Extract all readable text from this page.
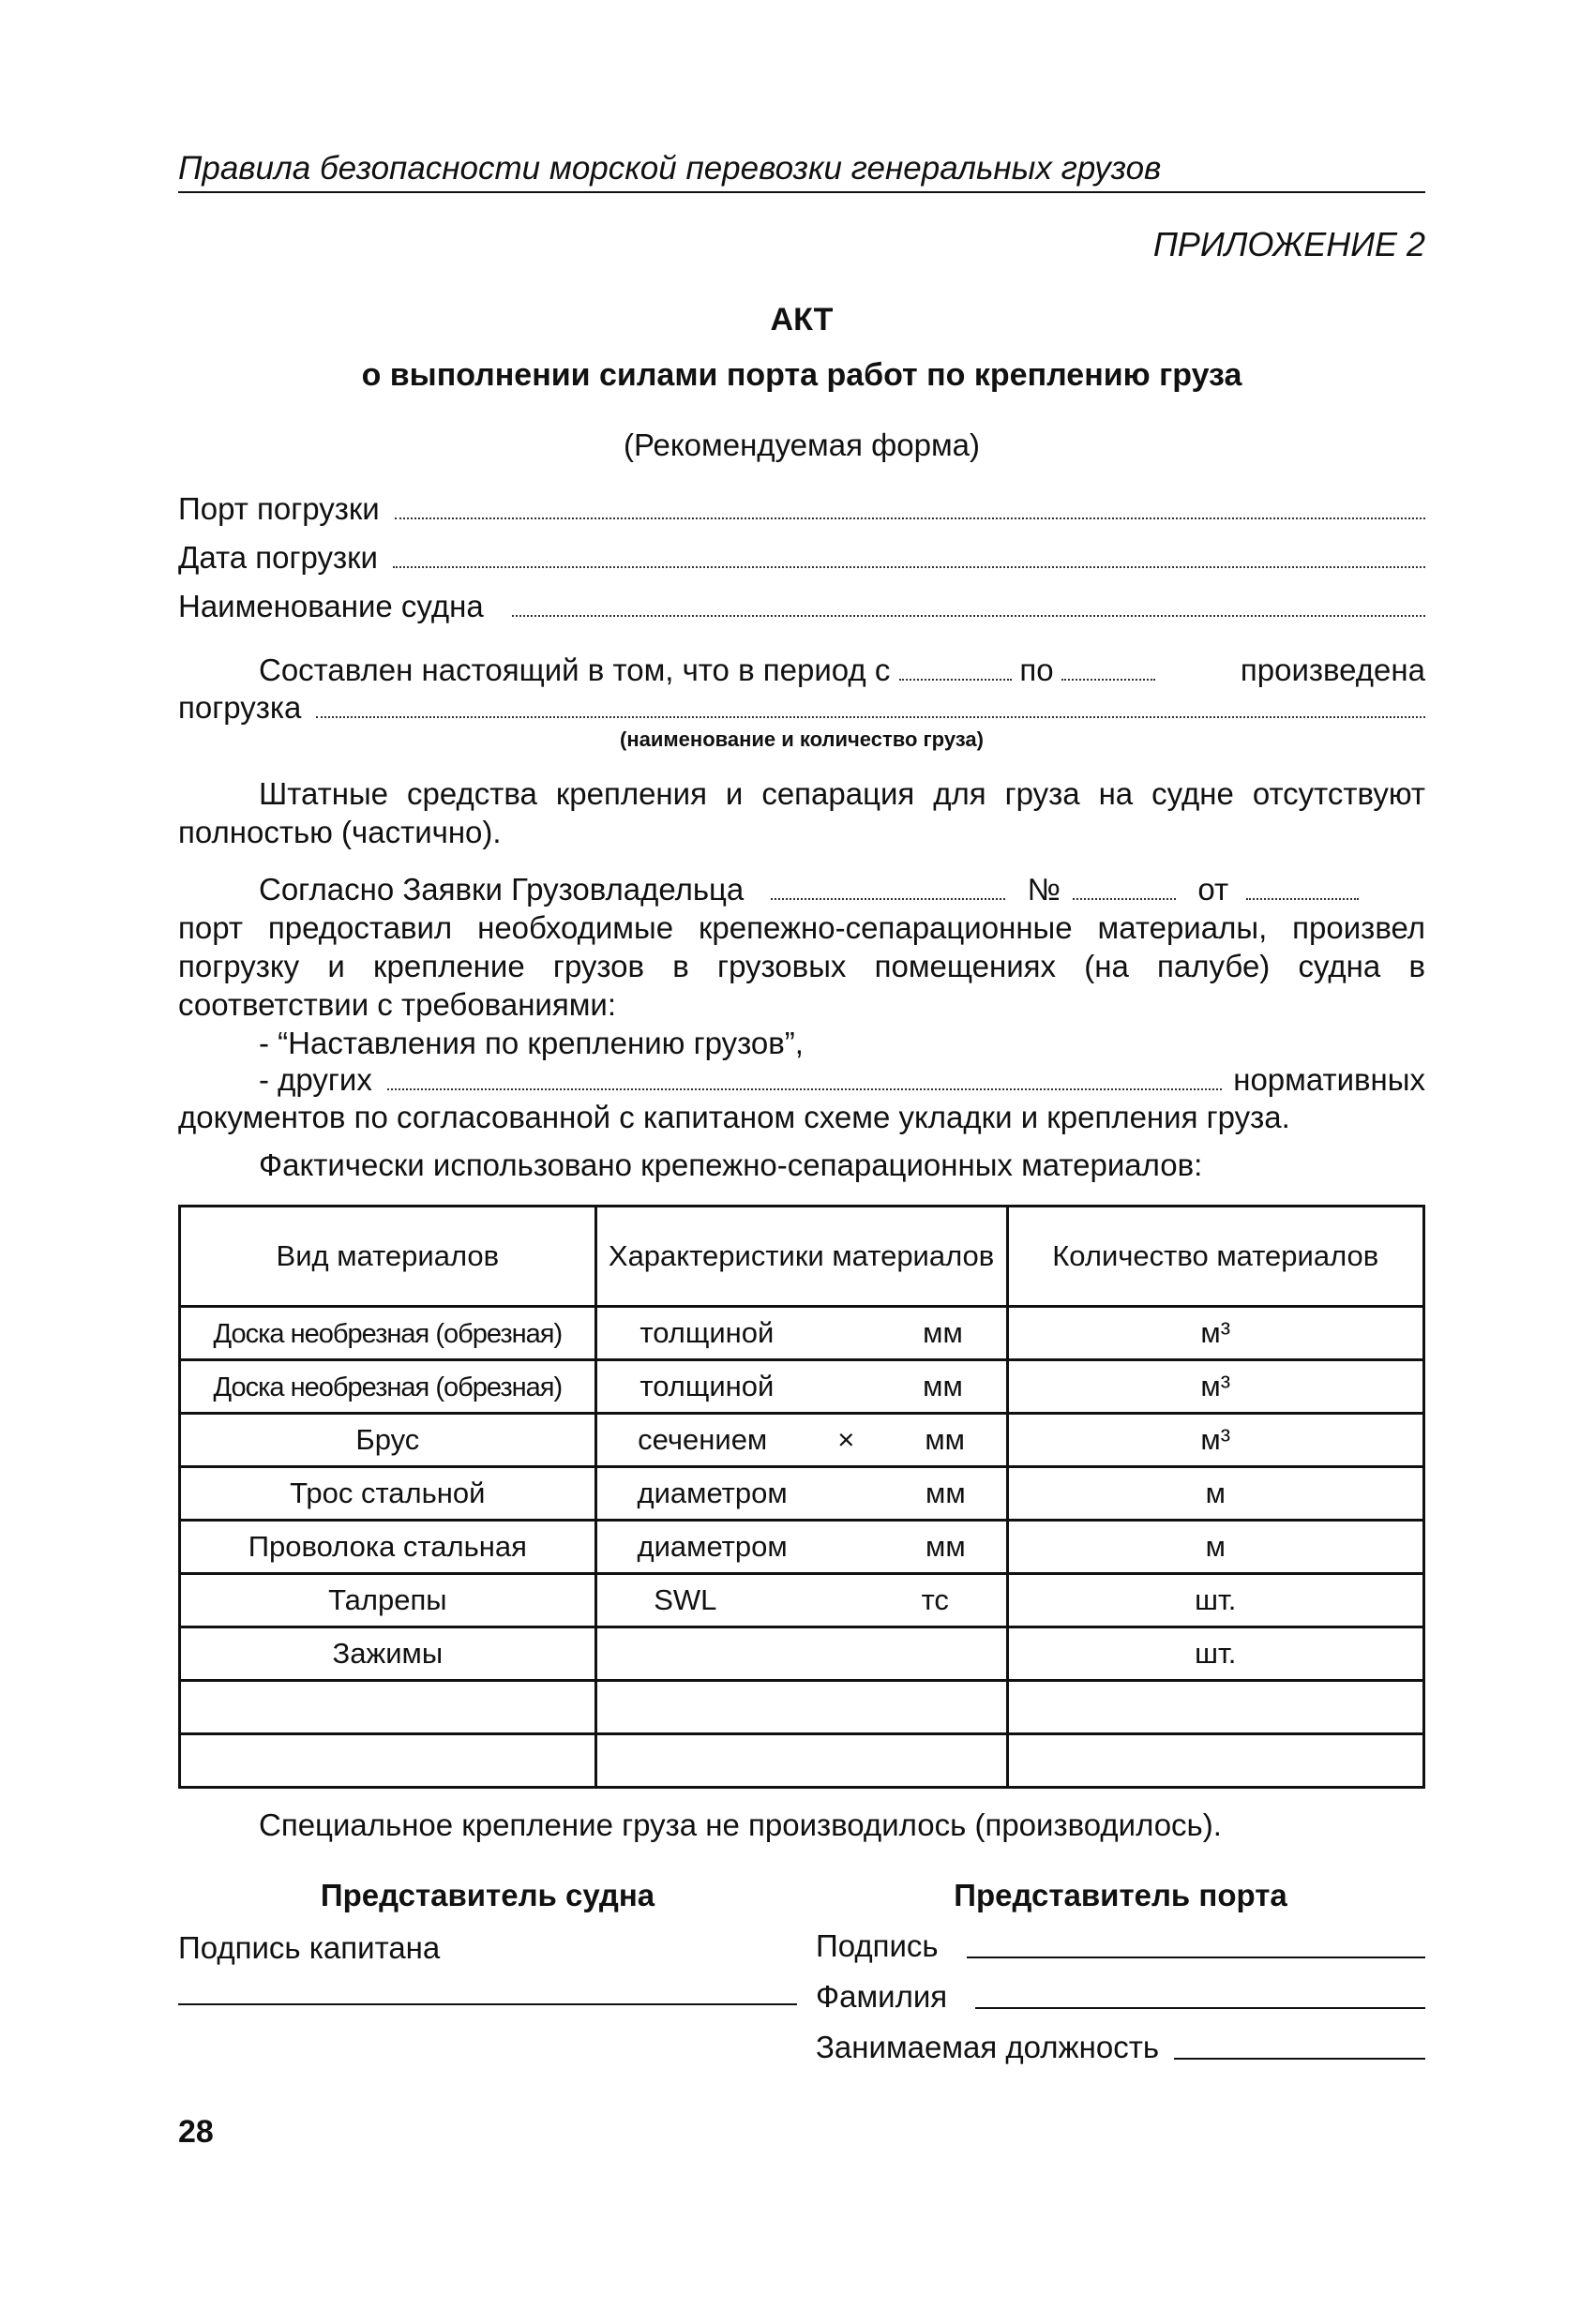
Правила безопасности морской перевозки генеральных грузов
ПРИЛОЖЕНИЕ 2
АКТ
о выполнении силами порта работ по креплению груза
(Рекомендуемая форма)
Порт погрузки
Дата погрузки
Наименование судна
Составлен настоящий в том, что в период с	по	произведена
погрузка
(наименование и количество груза)
Штатные средства крепления и сепарация для груза на судне отсутствуют полностью (частично).
Согласно Заявки Грузовладельца	№	от
порт предоставил необходимые крепежно-сепарационные материалы, произвел погрузку и крепление грузов в грузовых помещениях (на палубе) судна в соответствии с требованиями:
- “Наставления по креплению грузов”,
- других	нормативных
документов по согласованной с капитаном схеме укладки и крепления груза.
Фактически использовано крепежно-сепарационных материалов:
Вид материалов	Характеристики материалов	Количество материалов
Доска необрезная (обрезная)	толщиной мм	м³
Доска необрезная (обрезная)	толщиной мм	м³
Брус	сечением × мм	м³
Трос стальной	диаметром мм	м
Проволока стальная	диаметром мм	м
Талрепы	SWL тс	шт.
Зажимы		шт.

Специальное крепление груза не производилось (производилось).
Представитель судна
Подпись капитана
Представитель порта
Подпись
Фамилия
Занимаемая должность
28
